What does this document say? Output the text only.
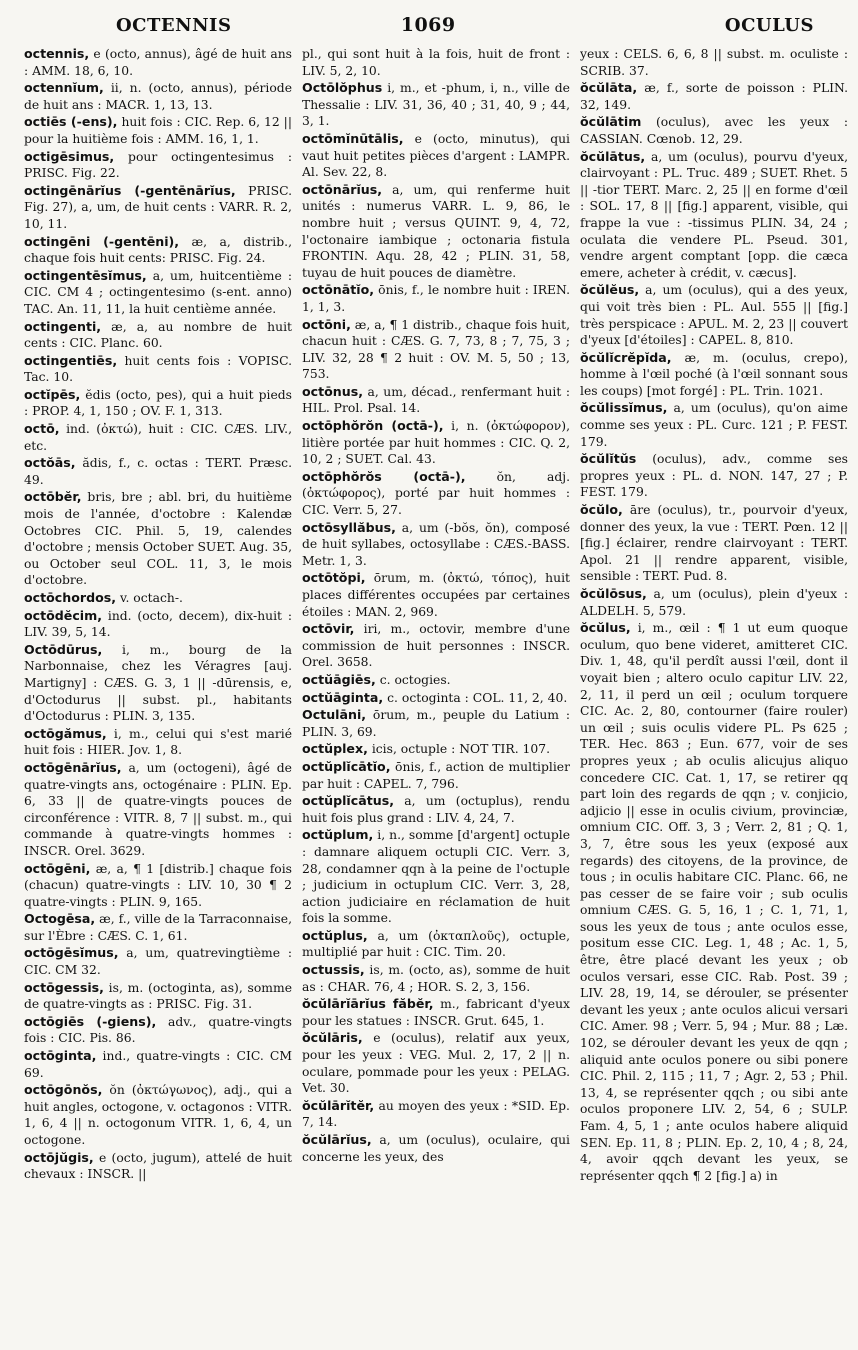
OCTENNIS	1069	OCULUS

octennis, e (octo, annus), âgé de huit ans : AMM. 18, 6, 10.

octennĭum, ii, n. (octo, annus), période de huit ans : MACR. 1, 13, 13.

octiēs (-ens), huit fois : CIC. Rep. 6, 12 || pour la huitième fois : AMM. 16, 1, 1.

octigēsimus, pour octingentesimus : PRISC. Fig. 22.

octingēnārĭus (-gentēnārĭus, PRISC. Fig. 27), a, um, de huit cents : VARR. R. 2, 10, 11.

octingēni (-gentēni), æ, a, distrib., chaque fois huit cents: PRISC. Fig. 24.

octingentēsĭmus, a, um, huitcentième : CIC. CM 4 ; octingentesimo (s-ent. anno) TAC. An. 11, 11, la huit centième année.

octingenti, æ, a, au nombre de huit cents : CIC. Planc. 60.

octingentiēs, huit cents fois : VOPISC. Tac. 10.

octĭpēs, ĕdis (octo, pes), qui a huit pieds : PROP. 4, 1, 150 ; OV. F. 1, 313.

octō, ind. (ὀκτώ), huit : CIC. CÆS. LIV., etc.

octŏās, ădis, f., c. octas : TERT. Præsc. 49.

octōbĕr, bris, bre ; abl. bri, du huitième mois de l'année, d'octobre : Kalendæ Octobres CIC. Phil. 5, 19, calendes d'octobre ; mensis October SUET. Aug. 35, ou October seul COL. 11, 3, le mois d'octobre.

octōchordos, v. octach-.

octōdĕcim, ind. (octo, decem), dix-huit : LIV. 39, 5, 14.

Octōdūrus, i, m., bourg de la Narbonnaise, chez les Véragres [auj. Martigny] : CÆS. G. 3, 1 || -dūrensis, e, d'Octodurus || subst. pl., habitants d'Octodurus : PLIN. 3, 135.

octōgămus, i, m., celui qui s'est marié huit fois : HIER. Jov. 1, 8.

octōgēnārĭus, a, um (octogeni), âgé de quatre-vingts ans, octogénaire : PLIN. Ep. 6, 33 || de quatre-vingts pouces de circonférence : VITR. 8, 7 || subst. m., qui commande à quatre-vingts hommes : INSCR. Orel. 3629.

octōgēni, æ, a, ¶ 1 [distrib.] chaque fois (chacun) quatre-vingts : LIV. 10, 30 ¶ 2 quatre-vingts : PLIN. 9, 165.

Octogēsa, æ, f., ville de la Tarraconnaise, sur l'Èbre : CÆS. C. 1, 61.

octōgēsĭmus, a, um, quatrevingtième : CIC. CM 32.

octōgessis, is, m. (octoginta, as), somme de quatre-vingts as : PRISC. Fig. 31.

octōgiēs (-giens), adv., quatre-vingts fois : CIC. Pis. 86.

octōginta, ind., quatre-vingts : CIC. CM 69.

octōgōnŏs, ŏn (ὀκτώγωνος), adj., qui a huit angles, octogone, v. octagonos : VITR. 1, 6, 4 || n. octogonum VITR. 1, 6, 4, un octogone.

octōjŭgis, e (octo, jugum), attelé de huit chevaux : INSCR. ||

pl., qui sont huit à la fois, huit de front : LIV. 5, 2, 10.

Octōlŏphus i, m., et -phum, i, n., ville de Thessalie : LIV. 31, 36, 40 ; 31, 40, 9 ; 44, 3, 1.

octōmĭnūtālis, e (octo, minutus), qui vaut huit petites pièces d'argent : LAMPR. Al. Sev. 22, 8.

octōnārĭus, a, um, qui renferme huit unités : numerus VARR. L. 9, 86, le nombre huit ; versus QUINT. 9, 4, 72, l'octonaire iambique ; octonaria fistula FRONTIN. Aqu. 28, 42 ; PLIN. 31, 58, tuyau de huit pouces de diamètre.

octōnātĭo, ōnis, f., le nombre huit : IREN. 1, 1, 3.

octōni, æ, a, ¶ 1 distrib., chaque fois huit, chacun huit : CÆS. G. 7, 73, 8 ; 7, 75, 3 ; LIV. 32, 28 ¶ 2 huit : OV. M. 5, 50 ; 13, 753.

octōnus, a, um, décad., renfermant huit : HIL. Prol. Psal. 14.

octōphŏrŏn (octā-), i, n. (ὀκτώφορον), litière portée par huit hommes : CIC. Q. 2, 10, 2 ; SUET. Cal. 43.

octōphŏrŏs (octā-), ŏn, adj. (ὀκτώφορος), porté par huit hommes : CIC. Verr. 5, 27.

octōsyllăbus, a, um (-bŏs, ŏn), composé de huit syllabes, octosyllabe : CÆS.-BASS. Metr. 1, 3.

octōtŏpi, ōrum, m. (ὀκτώ, τόπος), huit places différentes occupées par certaines étoiles : MAN. 2, 969.

octōvir, iri, m., octovir, membre d'une commission de huit personnes : INSCR. Orel. 3658.

octŭāgiēs, c. octogies.

octŭāginta, c. octoginta : COL. 11, 2, 40.

Octulāni, ōrum, m., peuple du Latium : PLIN. 3, 69.

octŭplex, icis, octuple : NOT TIR. 107.

octŭplĭcātĭo, ōnis, f., action de multiplier par huit : CAPEL. 7, 796.

octŭplĭcātus, a, um (octuplus), rendu huit fois plus grand : LIV. 4, 24, 7.

octŭplum, i, n., somme [d'argent] octuple : damnare aliquem octupli CIC. Verr. 3, 28, condamner qqn à la peine de l'octuple ; judicium in octuplum CIC. Verr. 3, 28, action judiciaire en réclamation de huit fois la somme.

octŭplus, a, um (ὀκταπλοῦς), octuple, multiplié par huit : CIC. Tim. 20.

octussis, is, m. (octo, as), somme de huit as : CHAR. 76, 4 ; HOR. S. 2, 3, 156.

ŏcŭlārĭārĭus făbĕr, m., fabricant d'yeux pour les statues : INSCR. Grut. 645, 1.

ŏcŭlāris, e (oculus), relatif aux yeux, pour les yeux : VEG. Mul. 2, 17, 2 || n. oculare, pommade pour les yeux : PELAG. Vet. 30.

ŏcŭlārĭtĕr, au moyen des yeux : *SID. Ep. 7, 14.

ŏcŭlārĭus, a, um (oculus), oculaire, qui concerne les yeux, des

yeux : CELS. 6, 6, 8 || subst. m. oculiste : SCRIB. 37.

ŏcŭlāta, æ, f., sorte de poisson : PLIN. 32, 149.

ŏcŭlātim (oculus), avec les yeux : CASSIAN. Cœnob. 12, 29.

ŏcŭlātus, a, um (oculus), pourvu d'yeux, clairvoyant : PL. Truc. 489 ; SUET. Rhet. 5 || -tior TERT. Marc. 2, 25 || en forme d'œil : SOL. 17, 8 || [fig.] apparent, visible, qui frappe la vue : -tissimus PLIN. 34, 24 ; oculata die vendere PL. Pseud. 301, vendre argent comptant [opp. die cæca emere, acheter à crédit, v. cæcus].

ŏcŭlĕus, a, um (oculus), qui a des yeux, qui voit très bien : PL. Aul. 555 || [fig.] très perspicace : APUL. M. 2, 23 || couvert d'yeux [d'étoiles] : CAPEL. 8, 810.

ŏcŭlĭcrĕpĭda, æ, m. (oculus, crepo), homme à l'œil poché (à l'œil sonnant sous les coups) [mot forgé] : PL. Trin. 1021.

ŏcŭlissĭmus, a, um (oculus), qu'on aime comme ses yeux : PL. Curc. 121 ; P. FEST. 179.

ŏcŭlĭtŭs (oculus), adv., comme ses propres yeux : PL. d. NON. 147, 27 ; P. FEST. 179.

ŏcŭlo, āre (oculus), tr., pourvoir d'yeux, donner des yeux, la vue : TERT. Pœn. 12 || [fig.] éclairer, rendre clairvoyant : TERT. Apol. 21 || rendre apparent, visible, sensible : TERT. Pud. 8.

ŏcŭlōsus, a, um (oculus), plein d'yeux : ALDELH. 5, 579.

ŏcŭlus, i, m., œil : ¶ 1 ut eum quoque oculum, quo bene videret, amitteret CIC. Div. 1, 48, qu'il perdît aussi l'œil, dont il voyait bien ; altero oculo capitur LIV. 22, 2, 11, il perd un œil ; oculum torquere CIC. Ac. 2, 80, contourner (faire rouler) un œil ; suis oculis videre PL. Ps 625 ; TER. Hec. 863 ; Eun. 677, voir de ses propres yeux ; ab oculis alicujus aliquo concedere CIC. Cat. 1, 17, se retirer qq part loin des regards de qqn ; v. conjicio, adjicio || esse in oculis civium, provinciæ, omnium CIC. Off. 3, 3 ; Verr. 2, 81 ; Q. 1, 3, 7, être sous les yeux (exposé aux regards) des citoyens, de la province, de tous ; in oculis habitare CIC. Planc. 66, ne pas cesser de se faire voir ; sub oculis omnium CÆS. G. 5, 16, 1 ; C. 1, 71, 1, sous les yeux de tous ; ante oculos esse, positum esse CIC. Leg. 1, 48 ; Ac. 1, 5, être, être placé devant les yeux ; ob oculos versari, esse CIC. Rab. Post. 39 ; LIV. 28, 19, 14, se dérouler, se présenter devant les yeux ; ante oculos alicui versari CIC. Amer. 98 ; Verr. 5, 94 ; Mur. 88 ; Læ. 102, se dérouler devant les yeux de qqn ; aliquid ante oculos ponere ou sibi ponere CIC. Phil. 2, 115 ; 11, 7 ; Agr. 2, 53 ; Phil. 13, 4, se représenter qqch ; ou sibi ante oculos proponere LIV. 2, 54, 6 ; SULP. Fam. 4, 5, 1 ; ante oculos habere aliquid SEN. Ep. 11, 8 ; PLIN. Ep. 2, 10, 4 ; 8, 24, 4, avoir qqch devant les yeux, se représenter qqch ¶ 2 [fig.] a) in
